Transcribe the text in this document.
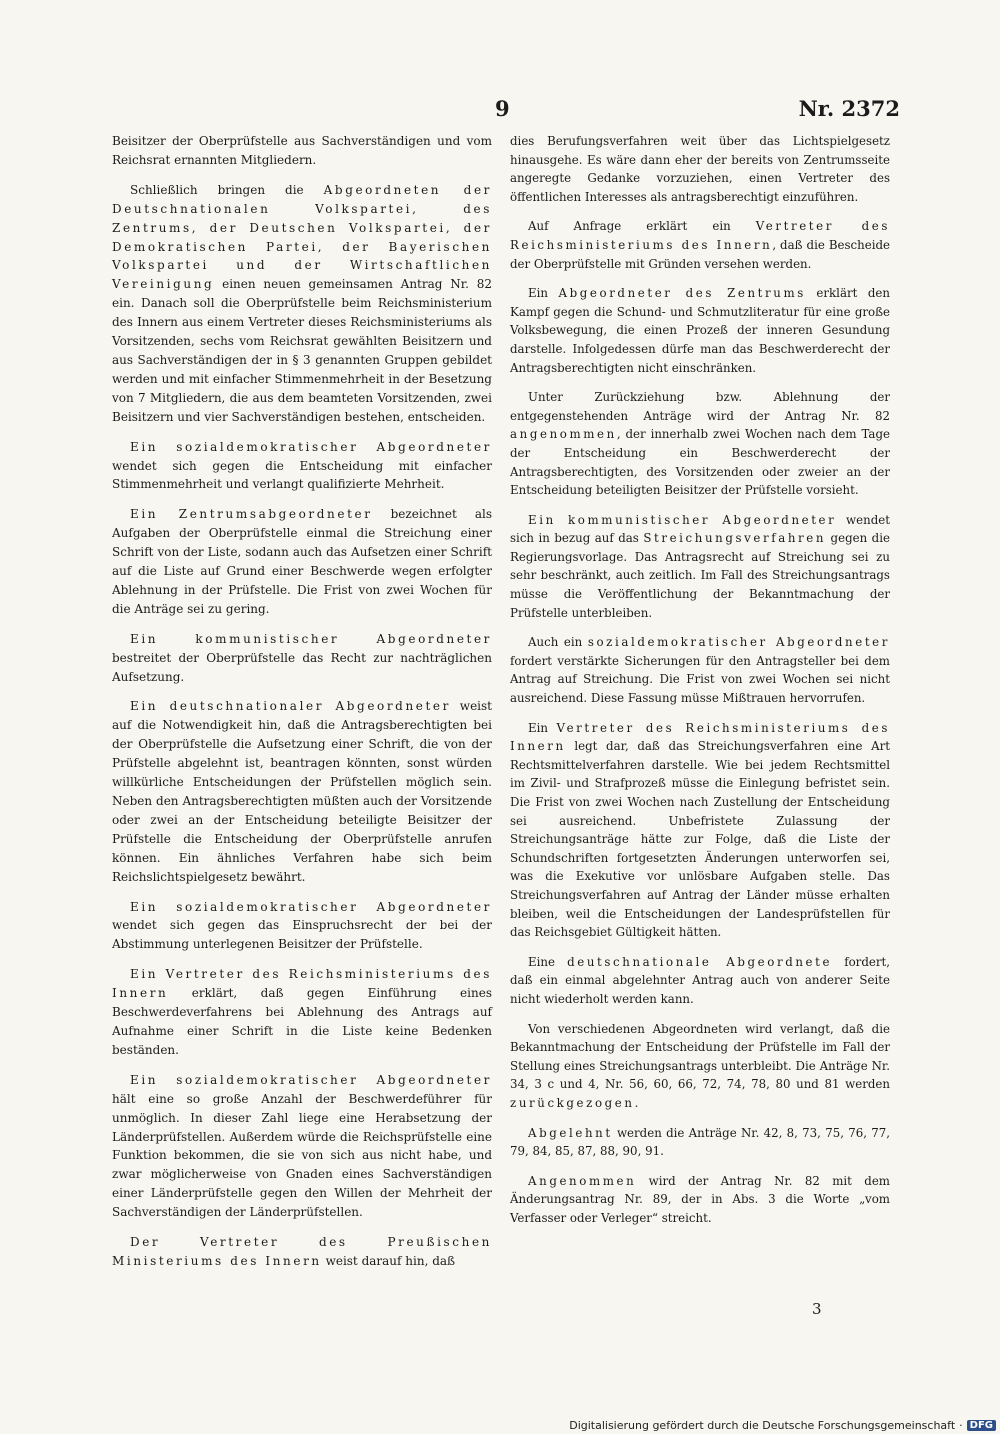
9	Nr. 2372

Beisitzer der Oberprüfstelle aus Sachverständigen und vom Reichsrat ernannten Mitgliedern.

Schließlich bringen die Abgeordneten der Deutschnationalen Volkspartei, des Zentrums, der Deutschen Volkspartei, der Demokratischen Partei, der Bayerischen Volkspartei und der Wirtschaftlichen Vereinigung einen neuen gemeinsamen Antrag Nr. 82 ein. Danach soll die Oberprüfstelle beim Reichsministerium des Innern aus einem Vertreter dieses Reichsministeriums als Vorsitzenden, sechs vom Reichsrat gewählten Beisitzern und aus Sachverständigen der in § 3 genannten Gruppen gebildet werden und mit einfacher Stimmenmehrheit in der Besetzung von 7 Mitgliedern, die aus dem beamteten Vorsitzenden, zwei Beisitzern und vier Sachverständigen bestehen, entscheiden.

Ein sozialdemokratischer Abgeordneter wendet sich gegen die Entscheidung mit einfacher Stimmenmehrheit und verlangt qualifizierte Mehrheit.

Ein Zentrumsabgeordneter bezeichnet als Aufgaben der Oberprüfstelle einmal die Streichung einer Schrift von der Liste, sodann auch das Aufsetzen einer Schrift auf die Liste auf Grund einer Beschwerde wegen erfolgter Ablehnung in der Prüfstelle. Die Frist von zwei Wochen für die Anträge sei zu gering.

Ein kommunistischer Abgeordneter bestreitet der Oberprüfstelle das Recht zur nachträglichen Aufsetzung.

Ein deutschnationaler Abgeordneter weist auf die Notwendigkeit hin, daß die Antragsberechtigten bei der Oberprüfstelle die Aufsetzung einer Schrift, die von der Prüfstelle abgelehnt ist, beantragen könnten, sonst würden willkürliche Entscheidungen der Prüfstellen möglich sein. Neben den Antragsberechtigten müßten auch der Vorsitzende oder zwei an der Entscheidung beteiligte Beisitzer der Prüfstelle die Entscheidung der Oberprüfstelle anrufen können. Ein ähnliches Verfahren habe sich beim Reichslichtspielgesetz bewährt.

Ein sozialdemokratischer Abgeordneter wendet sich gegen das Einspruchsrecht der bei der Abstimmung unterlegenen Beisitzer der Prüfstelle.

Ein Vertreter des Reichsministeriums des Innern erklärt, daß gegen Einführung eines Beschwerdeverfahrens bei Ablehnung des Antrags auf Aufnahme einer Schrift in die Liste keine Bedenken beständen.

Ein sozialdemokratischer Abgeordneter hält eine so große Anzahl der Beschwerdeführer für unmöglich. In dieser Zahl liege eine Herabsetzung der Länderprüfstellen. Außerdem würde die Reichsprüfstelle eine Funktion bekommen, die sie von sich aus nicht habe, und zwar möglicherweise von Gnaden eines Sachverständigen einer Länderprüfstelle gegen den Willen der Mehrheit der Sachverständigen der Länderprüfstellen.

Der Vertreter des Preußischen Ministeriums des Innern weist darauf hin, daß

dies Berufungsverfahren weit über das Lichtspielgesetz hinausgehe. Es wäre dann eher der bereits von Zentrumsseite angeregte Gedanke vorzuziehen, einen Vertreter des öffentlichen Interesses als antragsberechtigt einzuführen.

Auf Anfrage erklärt ein Vertreter des Reichsministeriums des Innern, daß die Bescheide der Oberprüfstelle mit Gründen versehen werden.

Ein Abgeordneter des Zentrums erklärt den Kampf gegen die Schund- und Schmutzliteratur für eine große Volksbewegung, die einen Prozeß der inneren Gesundung darstelle. Infolgedessen dürfe man das Beschwerderecht der Antragsberechtigten nicht einschränken.

Unter Zurückziehung bzw. Ablehnung der entgegenstehenden Anträge wird der Antrag Nr. 82 angenommen, der innerhalb zwei Wochen nach dem Tage der Entscheidung ein Beschwerderecht der Antragsberechtigten, des Vorsitzenden oder zweier an der Entscheidung beteiligten Beisitzer der Prüfstelle vorsieht.

Ein kommunistischer Abgeordneter wendet sich in bezug auf das Streichungsverfahren gegen die Regierungsvorlage. Das Antragsrecht auf Streichung sei zu sehr beschränkt, auch zeitlich. Im Fall des Streichungsantrags müsse die Veröffentlichung der Bekanntmachung der Prüfstelle unterbleiben.

Auch ein sozialdemokratischer Abgeordneter fordert verstärkte Sicherungen für den Antragsteller bei dem Antrag auf Streichung. Die Frist von zwei Wochen sei nicht ausreichend. Diese Fassung müsse Mißtrauen hervorrufen.

Ein Vertreter des Reichsministeriums des Innern legt dar, daß das Streichungsverfahren eine Art Rechtsmittelverfahren darstelle. Wie bei jedem Rechtsmittel im Zivil- und Strafprozeß müsse die Einlegung befristet sein. Die Frist von zwei Wochen nach Zustellung der Entscheidung sei ausreichend. Unbefristete Zulassung der Streichungsanträge hätte zur Folge, daß die Liste der Schundschriften fortgesetzten Änderungen unterworfen sei, was die Exekutive vor unlösbare Aufgaben stelle. Das Streichungsverfahren auf Antrag der Länder müsse erhalten bleiben, weil die Entscheidungen der Landesprüfstellen für das Reichsgebiet Gültigkeit hätten.

Eine deutschnationale Abgeordnete fordert, daß ein einmal abgelehnter Antrag auch von anderer Seite nicht wiederholt werden kann.

Von verschiedenen Abgeordneten wird verlangt, daß die Bekanntmachung der Entscheidung der Prüfstelle im Fall der Stellung eines Streichungsantrags unterbleibt. Die Anträge Nr. 34, 3 c und 4, Nr. 56, 60, 66, 72, 74, 78, 80 und 81 werden zurückgezogen.

Abgelehnt werden die Anträge Nr. 42, 8, 73, 75, 76, 77, 79, 84, 85, 87, 88, 90, 91.

Angenommen wird der Antrag Nr. 82 mit dem Änderungsantrag Nr. 89, der in Abs. 3 die Worte „vom Verfasser oder Verleger“ streicht.

3
Digitalisierung gefördert durch die Deutsche Forschungsgemeinschaft · DFG
